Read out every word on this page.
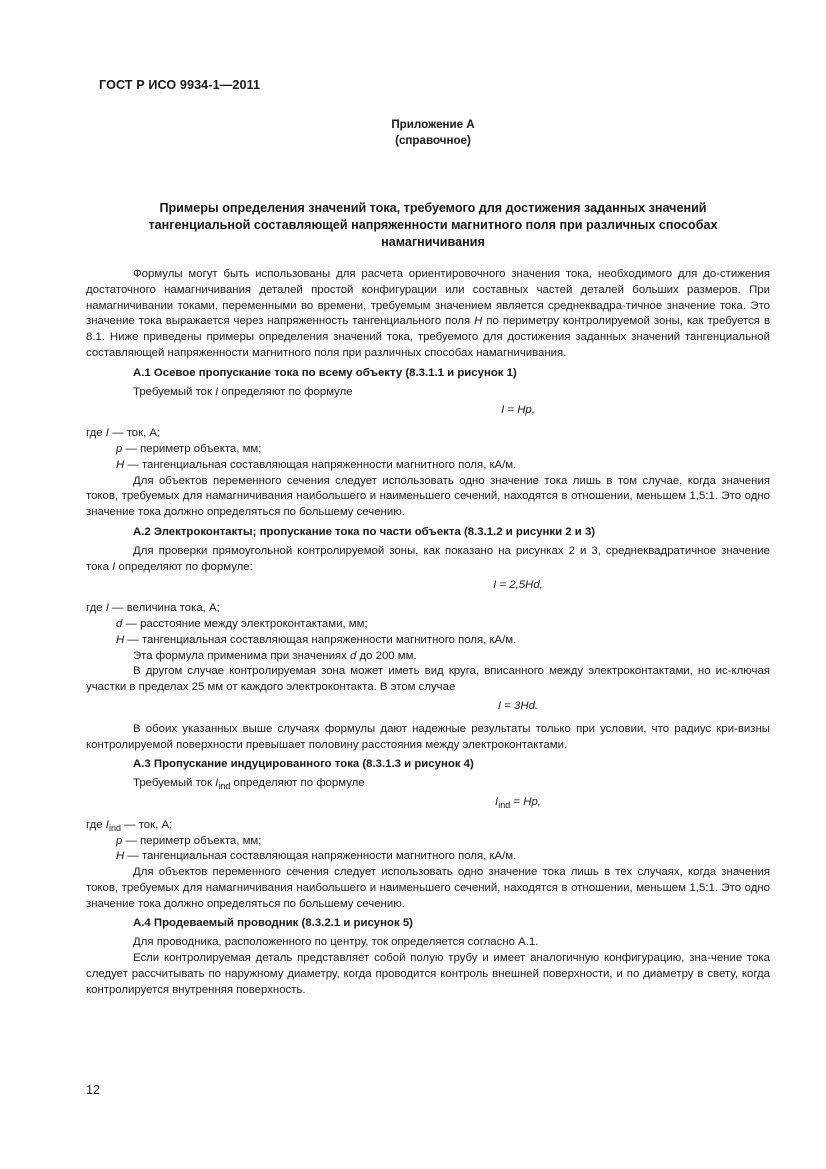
ГОСТ Р ИСО 9934-1—2011
Приложение А
(справочное)
Примеры определения значений тока, требуемого для достижения заданных значений
тангенциальной составляющей напряженности магнитного поля при различных способах
намагничивания

Формулы могут быть использованы для расчета ориентировочного значения тока, необходимого для до-стижения достаточного намагничивания деталей простой конфигурации или составных частей деталей больших размеров. При намагничивании токами, переменными во времени, требуемым значением является среднеквадра-тичное значение тока. Это значение тока выражается через напряженность тангенциального поля H по периметру контролируемой зоны, как требуется в 8.1. Ниже приведены примеры определения значений тока, требуемого для достижения заданных значений тангенциальной составляющей напряженности магнитного поля при различных способах намагничивания.

А.1 Осевое пропускание тока по всему объекту (8.3.1.1 и рисунок 1)

Требуемый ток I определяют по формуле

I = Hp,

где I — ток, А;

p — периметр объекта, мм;

H — тангенциальная составляющая напряженности магнитного поля, кА/м.

Для объектов переменного сечения следует использовать одно значение тока лишь в том случае, когда значения токов, требуемых для намагничивания наибольшего и наименьшего сечений, находятся в отношении, меньшем 1,5:1. Это одно значение тока должно определяться по большему сечению.

А.2 Электроконтакты; пропускание тока по части объекта (8.3.1.2 и рисунки 2 и 3)

Для проверки прямоугольной контролируемой зоны, как показано на рисунках 2 и 3, среднеквадратичное значение тока I определяют по формуле:

I = 2,5Hd,

где I — величина тока, А;

d — расстояние между электроконтактами, мм;

H — тангенциальная составляющая напряженности магнитного поля, кА/м.

Эта формула применима при значениях d до 200 мм.

В другом случае контролируемая зона может иметь вид круга, вписанного между электроконтактами, но ис-ключая участки в пределах 25 мм от каждого электроконтакта. В этом случае

I = 3Hd.

В обоих указанных выше случаях формулы дают надежные результаты только при условии, что радиус кри-визны контролируемой поверхности превышает половину расстояния между электроконтактами.

А.3 Пропускание индуцированного тока (8.3.1.3 и рисунок 4)

Требуемый ток $I_{ind}$ определяют по формуле

$I_{ind} = Hp$,

где $I_{ind}$ — ток, А;

p — периметр объекта, мм;

H — тангенциальная составляющая напряженности магнитного поля, кА/м.

Для объектов переменного сечения следует использовать одно значение тока лишь в тех случаях, когда значения токов, требуемых для намагничивания наибольшего и наименьшего сечений, находятся в отношении, меньшем 1,5:1. Это одно значение тока должно определяться по большему сечению.

А.4 Продеваемый проводник (8.3.2.1 и рисунок 5)

Для проводника, расположенного по центру, ток определяется согласно А.1.

Если контролируемая деталь представляет собой полую трубу и имеет аналогичную конфигурацию, зна-чение тока следует рассчитывать по наружному диаметру, когда проводится контроль внешней поверхности, и по диаметру в свету, когда контролируется внутренняя поверхность.

12
